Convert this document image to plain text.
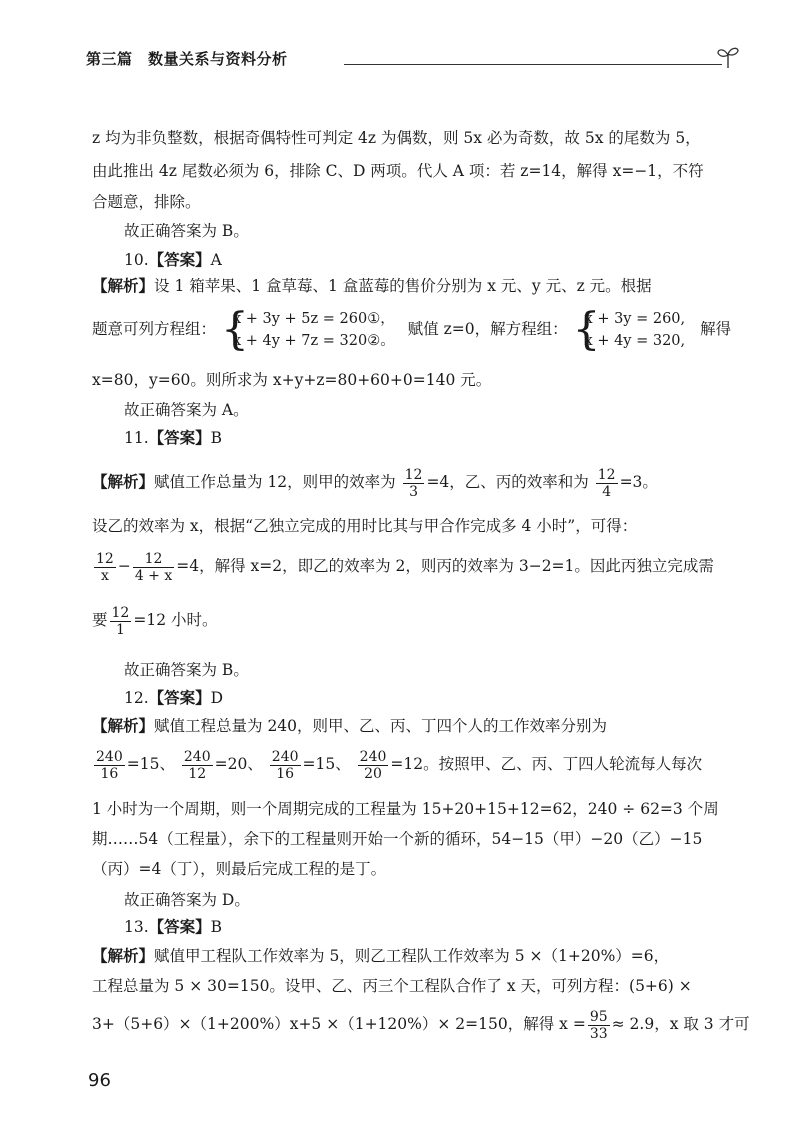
第三篇　数量关系与资料分析
z 均为非负整数，根据奇偶特性可判定 4z 为偶数，则 5x 必为奇数，故 5x 的尾数为 5，
由此推出 4z 尾数必须为 6，排除 C、D 两项。代人 A 项：若 z=14，解得 x=−1，不符
合题意，排除。
故正确答案为 B。
10.【答案】A
【解析】设 1 箱苹果、1 盒草莓、1 盒蓝莓的售价分别为 x 元、y 元、z 元。根据
题意可列方程组： {
x + 3y + 5z = 260①，
x + 4y + 7z = 320②。
赋值 z=0，解方程组： {
x + 3y = 260,
x + 4y = 320,
解得
x=80，y=60。则所求为 x+y+z=80+60+0=140 元。
故正确答案为 A。
11.【答案】B
【解析】赋值工作总量为 12，则甲的效率为 $\frac{12}{3} =4$，乙、丙的效率和为 $\frac{12}{4} =3$。
设乙的效率为 x，根据“乙独立完成的用时比其与甲合作完成多 4 小时”，可得：
$\frac{12}{x} - \frac{12}{4 + x} =4$，解得 x=2，即乙的效率为 2，则丙的效率为 3−2=1。因此丙独立完成需
要 $\frac{12}{1} =12$ 小时。
故正确答案为 B。
12.【答案】D
【解析】赋值工程总量为 240，则甲、乙、丙、丁四个人的工作效率分别为
$\frac{240}{16} =15$、 $\frac{240}{12} =20$、 $\frac{240}{16} =15$、 $\frac{240}{20} =12$。按照甲、乙、丙、丁四人轮流每人每次
1 小时为一个周期，则一个周期完成的工程量为 15+20+15+12=62，240 ÷ 62=3 个周
期……54（工程量），余下的工程量则开始一个新的循环，54−15（甲）−20（乙）−15
（丙）=4（丁），则最后完成工程的是丁。
故正确答案为 D。
13.【答案】B
【解析】赋值甲工程队工作效率为 5，则乙工程队工作效率为 5 ×（1+20%）=6，
工程总量为 5 × 30=150。设甲、乙、丙三个工程队合作了 x 天，可列方程：(5+6) ×
3+（5+6）×（1+200%）x+5 ×（1+120%）× 2=150，解得 $x = \frac{95}{33} \approx 2.9$，x 取 3 才可
96
